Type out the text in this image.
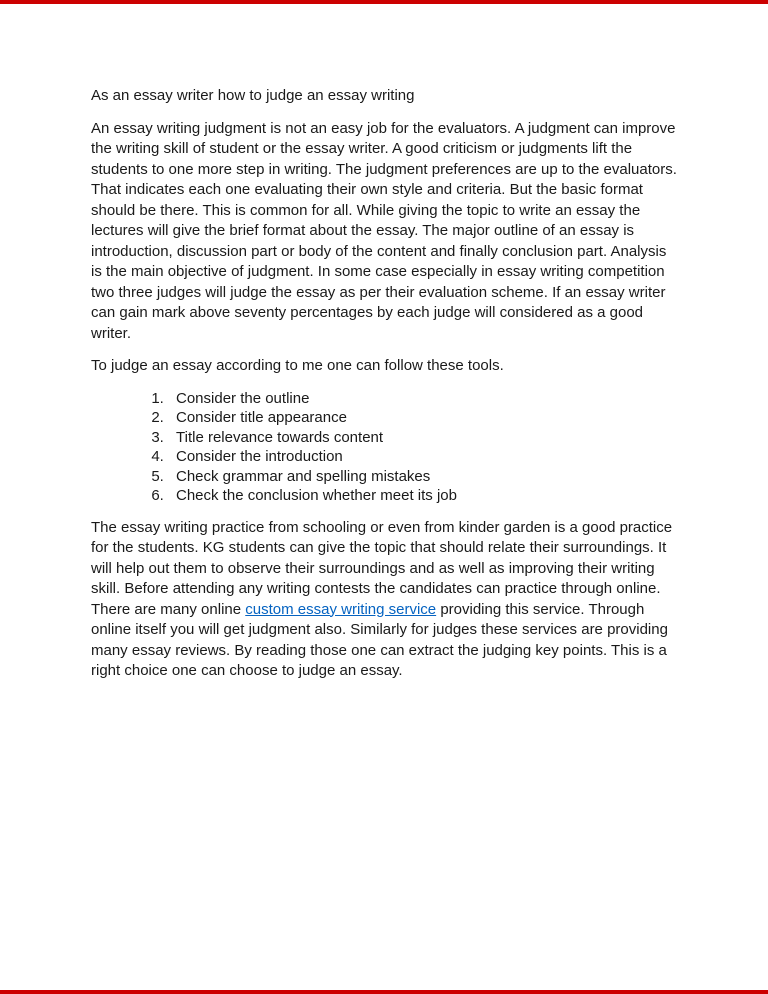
As an essay writer how to judge an essay writing

An essay writing judgment is not an easy job for the evaluators. A judgment can improve the writing skill of student or the essay writer. A good criticism or judgments lift the students to one more step in writing. The judgment preferences are up to the evaluators. That indicates each one evaluating their own style and criteria. But the basic format should be there. This is common for all. While giving the topic to write an essay the lectures will give the brief format about the essay. The major outline of an essay is introduction, discussion part or body of the content and finally conclusion part. Analysis is the main objective of judgment. In some case especially in essay writing competition two three judges will judge the essay as per their evaluation scheme. If an essay writer can gain mark above seventy percentages by each judge will considered as a good writer.

To judge an essay according to me one can follow these tools.

1. Consider the outline
2. Consider title appearance
3. Title relevance towards content
4. Consider the introduction
5. Check grammar and spelling mistakes
6. Check the conclusion whether meet its job

The essay writing practice from schooling or even from kinder garden is a good practice for the students. KG students can give the topic that should relate their surroundings. It will help out them to observe their surroundings and as well as improving their writing skill. Before attending any writing contests the candidates can practice through online. There are many online custom essay writing service providing this service. Through online itself you will get judgment also. Similarly for judges these services are providing many essay reviews. By reading those one can extract the judging key points. This is a right choice one can choose to judge an essay.
